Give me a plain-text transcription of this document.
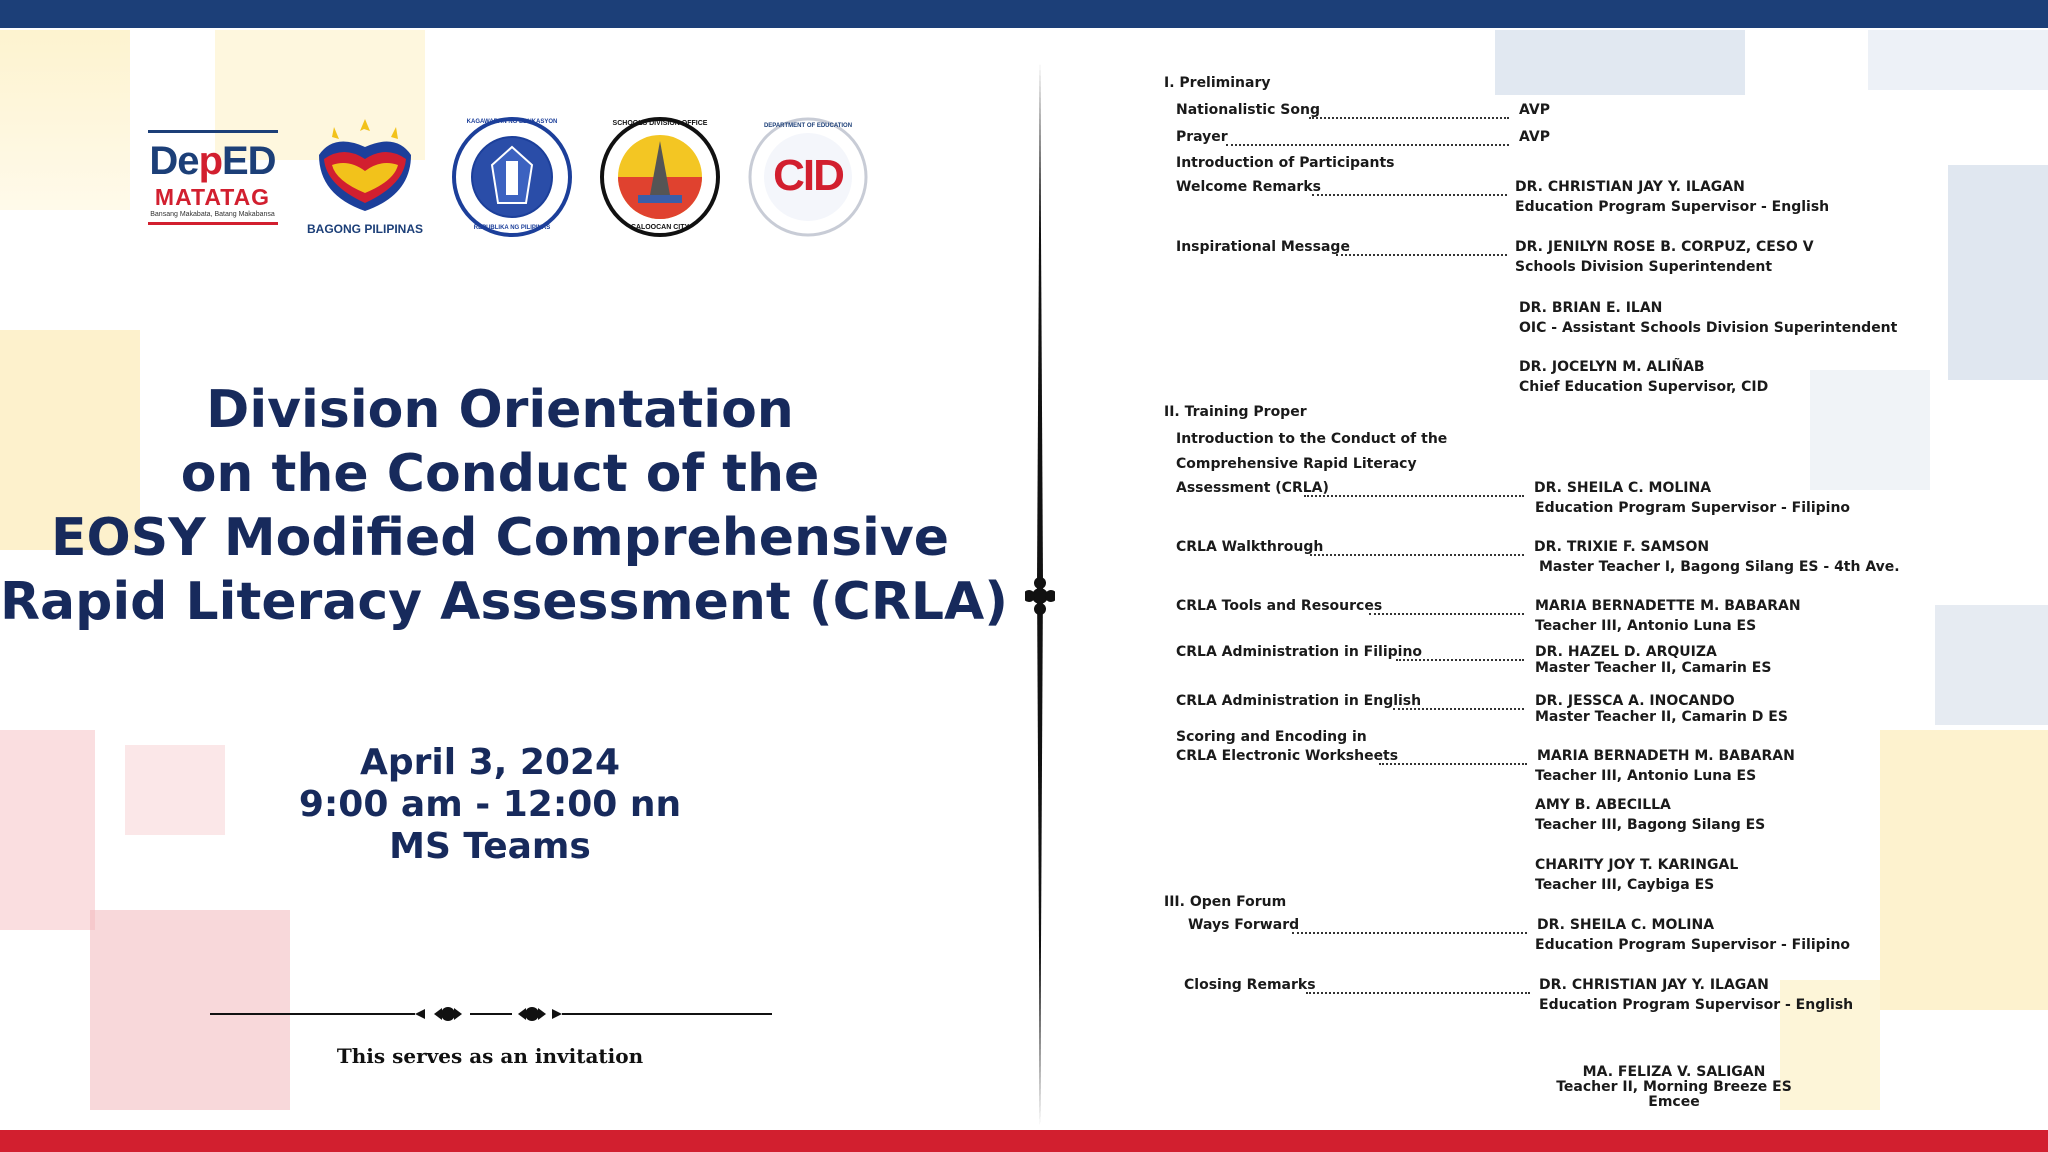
DepED
MATATAG
Bansang Makabata, Batang Makabansa
BAGONG PILIPINAS
KAGAWARAN NG EDUKASYON
REPUBLIKA NG PILIPINAS
SCHOOLS DIVISION OFFICE
CALOOCAN CITY
DEPARTMENT OF EDUCATION
CID
Division Orientation
on the Conduct of the
EOSY Modified Comprehensive
Rapid Literacy Assessment (CRLA)
April 3, 2024
9:00 am - 12:00 nn
MS Teams
This serves as an invitation
I. Preliminary
Nationalistic Song	AVP
Prayer	AVP
Introduction of Participants
Welcome Remarks	DR. CHRISTIAN JAY Y. ILAGAN
Education Program Supervisor - English
Inspirational Message	DR. JENILYN ROSE B. CORPUZ, CESO V
Schools Division Superintendent
DR. BRIAN E. ILAN
OIC - Assistant Schools Division Superintendent
DR. JOCELYN M. ALIÑAB
Chief Education Supervisor, CID
II. Training Proper
Introduction to the Conduct of the
Comprehensive Rapid Literacy
Assessment (CRLA)	DR. SHEILA C. MOLINA
Education Program Supervisor - Filipino
CRLA Walkthrough	DR. TRIXIE F. SAMSON
Master Teacher I, Bagong Silang ES - 4th Ave.
CRLA Tools and Resources	MARIA BERNADETTE M. BABARAN
Teacher III, Antonio Luna ES
CRLA Administration in Filipino	DR. HAZEL D. ARQUIZA
Master Teacher II, Camarin ES
CRLA Administration in English	DR. JESSCA A. INOCANDO
Master Teacher II, Camarin D ES
Scoring and Encoding in
CRLA Electronic Worksheets	MARIA BERNADETH M. BABARAN
Teacher III, Antonio Luna ES
AMY B. ABECILLA
Teacher III, Bagong Silang ES
CHARITY JOY T. KARINGAL
Teacher III, Caybiga ES
III. Open Forum
Ways Forward	DR. SHEILA C. MOLINA
Education Program Supervisor - Filipino
Closing Remarks	DR. CHRISTIAN JAY Y. ILAGAN
Education Program Supervisor - English
MA. FELIZA V. SALIGAN
Teacher II, Morning Breeze ES
Emcee
